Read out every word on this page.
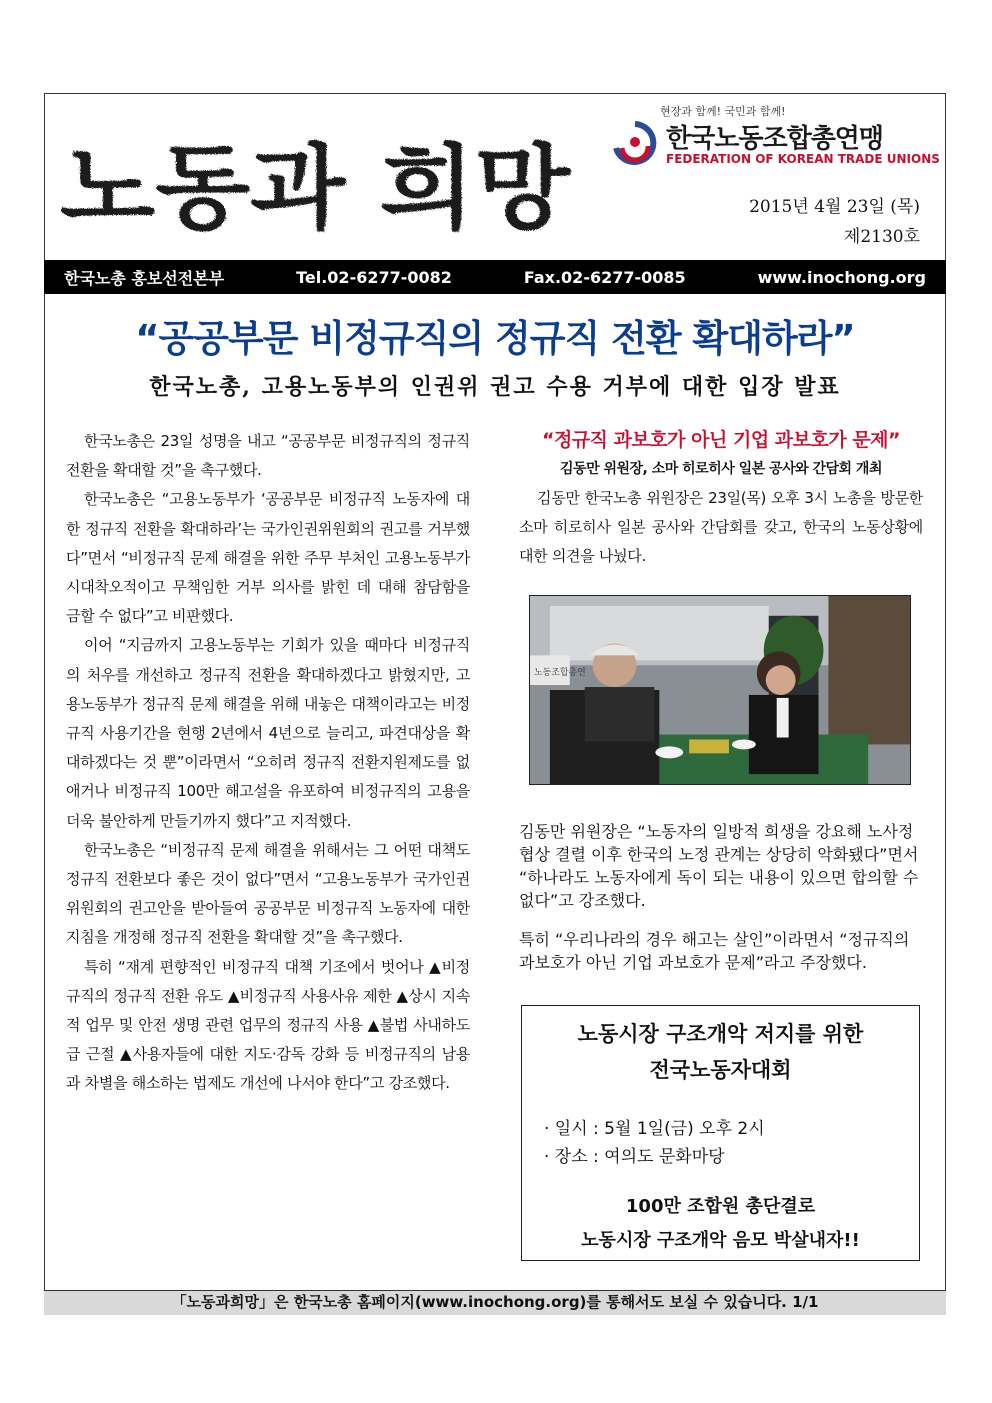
노동과 희망
현장과 함께! 국민과 함께!
한국노동조합총연맹
FEDERATION OF KOREAN TRADE UNIONS
2015년 4월 23일 (목)
제2130호
한국노총 홍보선전본부	Tel.02-6277-0082	Fax.02-6277-0085	www.inochong.org
“공공부문 비정규직의 정규직 전환 확대하라”
한국노총, 고용노동부의 인권위 권고 수용 거부에 대한 입장 발표

한국노총은 23일 성명을 내고 “공공부문 비정규직의 정규직 전환을 확대할 것”을 촉구했다.

한국노총은 “고용노동부가 ‘공공부문 비정규직 노동자에 대한 정규직 전환을 확대하라’는 국가인권위원회의 권고를 거부했다”면서 “비정규직 문제 해결을 위한 주무 부처인 고용노동부가 시대착오적이고 무책임한 거부 의사를 밝힌 데 대해 참담함을 금할 수 없다”고 비판했다.

이어 “지금까지 고용노동부는 기회가 있을 때마다 비정규직의 처우를 개선하고 정규직 전환을 확대하겠다고 밝혔지만, 고용노동부가 정규직 문제 해결을 위해 내놓은 대책이라고는 비정규직 사용기간을 현행 2년에서 4년으로 늘리고, 파견대상을 확대하겠다는 것 뿐”이라면서 “오히려 정규직 전환지원제도를 없애거나 비정규직 100만 해고설을 유포하여 비정규직의 고용을 더욱 불안하게 만들기까지 했다”고 지적했다.

한국노총은 “비정규직 문제 해결을 위해서는 그 어떤 대책도 정규직 전환보다 좋은 것이 없다”면서 “고용노동부가 국가인권위원회의 권고안을 받아들여 공공부문 비정규직 노동자에 대한 지침을 개정해 정규직 전환을 확대할 것”을 촉구했다.

특히 “재계 편향적인 비정규직 대책 기조에서 벗어나 ▲비정규직의 정규직 전환 유도 ▲비정규직 사용사유 제한 ▲상시 지속적 업무 및 안전 생명 관련 업무의 정규직 사용 ▲불법 사내하도급 근절 ▲사용자들에 대한 지도·감독 강화 등 비정규직의 남용과 차별을 해소하는 법제도 개선에 나서야 한다”고 강조했다.

“정규직 과보호가 아닌 기업 과보호가 문제”
김동만 위원장, 소마 히로히사 일본 공사와 간담회 개최

김동만 한국노총 위원장은 23일(목) 오후 3시 노총을 방문한 소마 히로히사 일본 공사와 간담회를 갖고, 한국의 노동상황에 대한 의견을 나눴다.

노동조합총연

김동만 위원장은 “노동자의 일방적 희생을 강요해 노사정 협상 결렬 이후 한국의 노정 관계는 상당히 악화됐다”면서 “하나라도 노동자에게 독이 되는 내용이 있으면 합의할 수 없다”고 강조했다.

특히 “우리나라의 경우 해고는 살인”이라면서 “정규직의 과보호가 아닌 기업 과보호가 문제”라고 주장했다.

노동시장 구조개악 저지를 위한
전국노동자대회
· 일시 : 5월 1일(금) 오후 2시
· 장소 : 여의도 문화마당
100만 조합원 총단결로
노동시장 구조개악 음모 박살내자!!
「노동과희망」은 한국노총 홈페이지(www.inochong.org)를 통해서도 보실 수 있습니다. 1/1
